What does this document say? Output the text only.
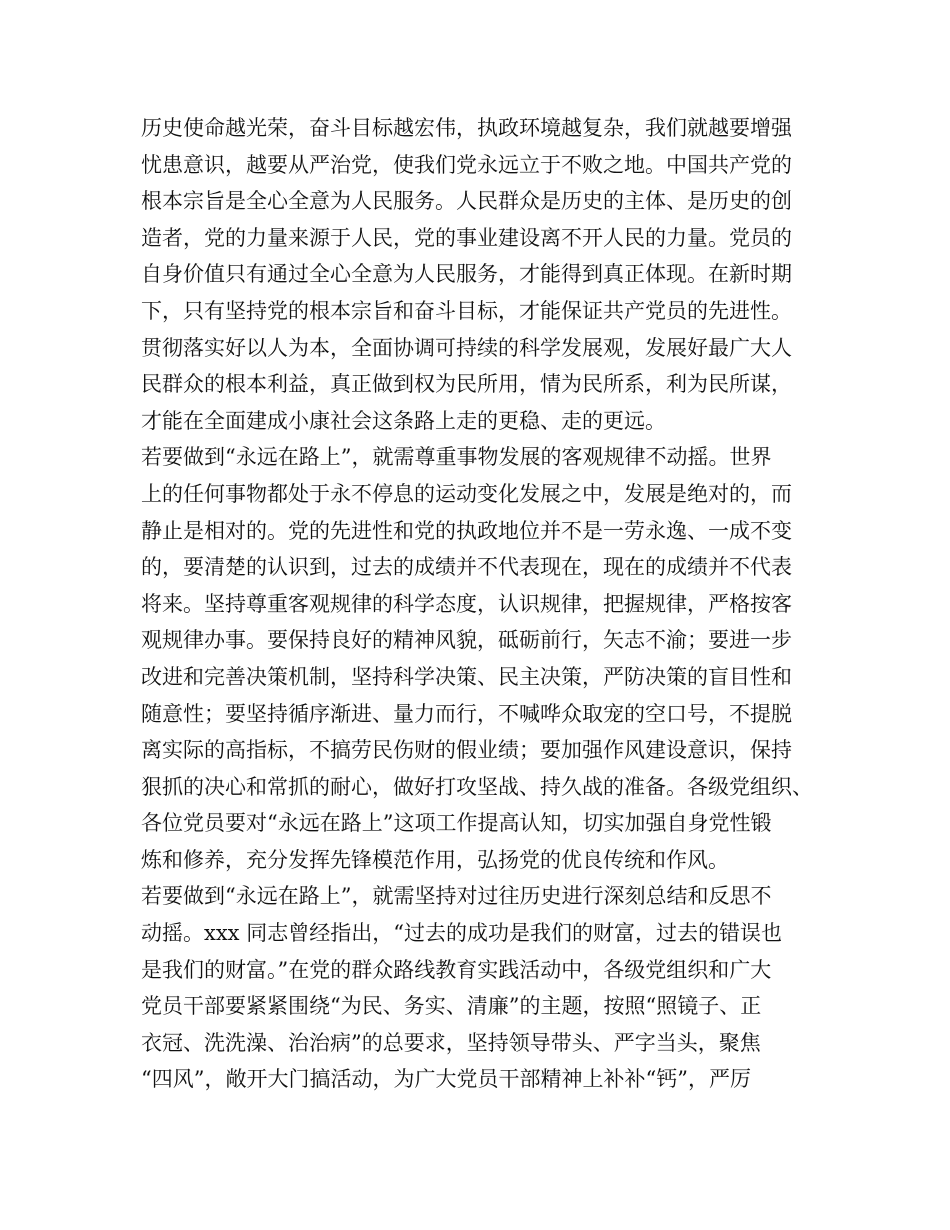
历史使命越光荣，奋斗目标越宏伟，执政环境越复杂，我们就越要增强
忧患意识，越要从严治党，使我们党永远立于不败之地。中国共产党的
根本宗旨是全心全意为人民服务。人民群众是历史的主体、是历史的创
造者，党的力量来源于人民，党的事业建设离不开人民的力量。党员的
自身价值只有通过全心全意为人民服务，才能得到真正体现。在新时期
下，只有坚持党的根本宗旨和奋斗目标，才能保证共产党员的先进性。
贯彻落实好以人为本，全面协调可持续的科学发展观，发展好最广大人
民群众的根本利益，真正做到权为民所用，情为民所系，利为民所谋，
才能在全面建成小康社会这条路上走的更稳、走的更远。
若要做到“永远在路上”，就需尊重事物发展的客观规律不动摇。世界
上的任何事物都处于永不停息的运动变化发展之中，发展是绝对的，而
静止是相对的。党的先进性和党的执政地位并不是一劳永逸、一成不变
的，要清楚的认识到，过去的成绩并不代表现在，现在的成绩并不代表
将来。坚持尊重客观规律的科学态度，认识规律，把握规律，严格按客
观规律办事。要保持良好的精神风貌，砥砺前行，矢志不渝；要进一步
改进和完善决策机制，坚持科学决策、民主决策，严防决策的盲目性和
随意性；要坚持循序渐进、量力而行，不喊哗众取宠的空口号，不提脱
离实际的高指标，不搞劳民伤财的假业绩；要加强作风建设意识，保持
狠抓的决心和常抓的耐心，做好打攻坚战、持久战的准备。各级党组织、
各位党员要对“永远在路上”这项工作提高认知，切实加强自身党性锻
炼和修养，充分发挥先锋模范作用，弘扬党的优良传统和作风。
若要做到“永远在路上”，就需坚持对过往历史进行深刻总结和反思不
动摇。xxx 同志曾经指出，“过去的成功是我们的财富，过去的错误也
是我们的财富。”在党的群众路线教育实践活动中，各级党组织和广大
党员干部要紧紧围绕“为民、务实、清廉”的主题，按照“照镜子、正
衣冠、洗洗澡、治治病”的总要求，坚持领导带头、严字当头，聚焦
“四风”，敞开大门搞活动，为广大党员干部精神上补补“钙”，严厉
